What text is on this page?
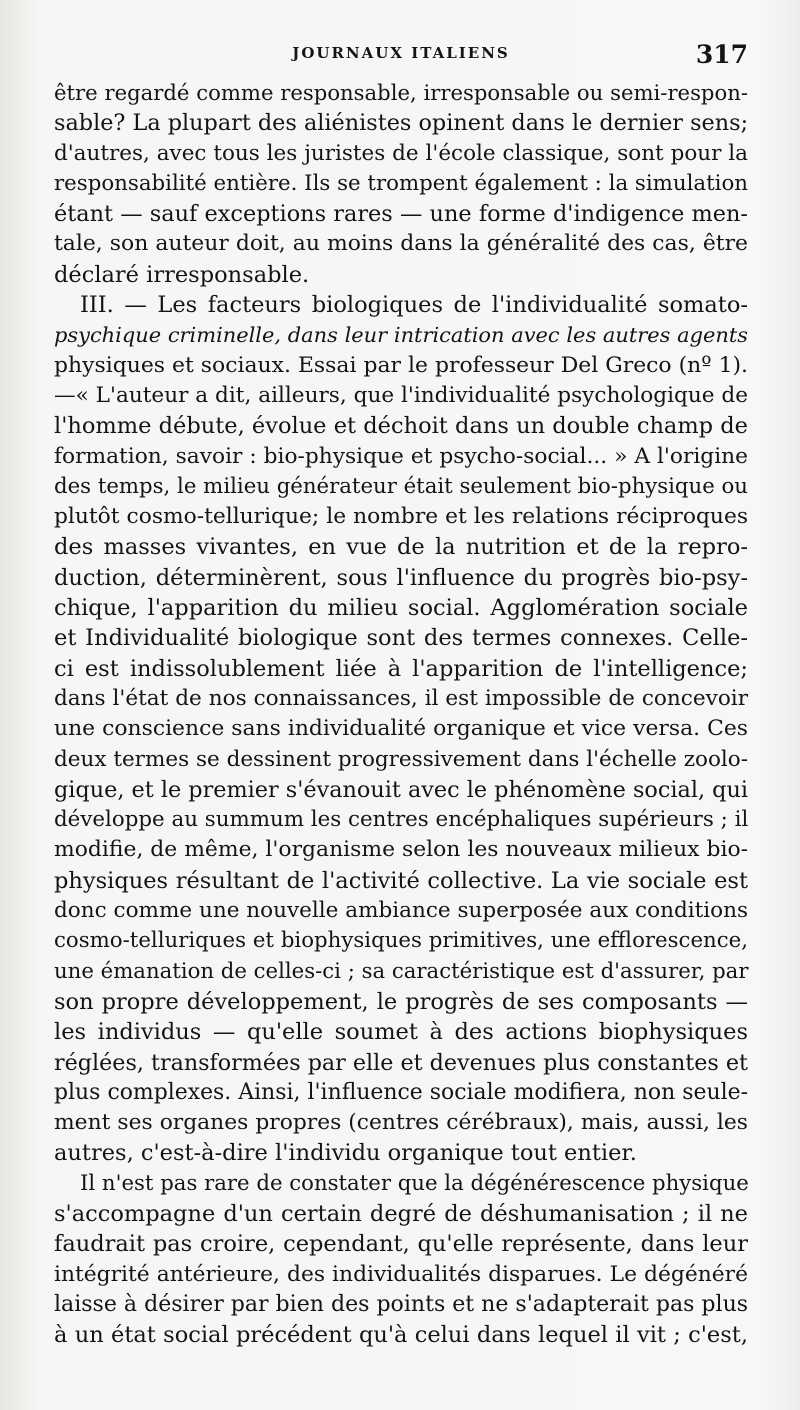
JOURNAUX ITALIENS	317

être regardé comme responsable, irresponsable ou semi-respon-
sable? La plupart des aliénistes opinent dans le dernier sens;
d'autres, avec tous les juristes de l'école classique, sont pour la
responsabilité entière. Ils se trompent également : la simulation
étant — sauf exceptions rares — une forme d'indigence men-
tale, son auteur doit, au moins dans la généralité des cas, être
déclaré irresponsable.

III. — Les facteurs biologiques de l'individualité somato-
psychique criminelle, dans leur intrication avec les autres agents
physiques et sociaux. Essai par le professeur Del Greco (nº 1).
—« L'auteur a dit, ailleurs, que l'individualité psychologique de
l'homme débute, évolue et déchoit dans un double champ de
formation, savoir : bio-physique et psycho-social... » A l'origine
des temps, le milieu générateur était seulement bio-physique ou
plutôt cosmo-tellurique; le nombre et les relations réciproques
des masses vivantes, en vue de la nutrition et de la repro-
duction, déterminèrent, sous l'influence du progrès bio-psy-
chique, l'apparition du milieu social. Agglomération sociale
et Individualité biologique sont des termes connexes. Celle-
ci est indissolublement liée à l'apparition de l'intelligence;
dans l'état de nos connaissances, il est impossible de concevoir
une conscience sans individualité organique et vice versa. Ces
deux termes se dessinent progressivement dans l'échelle zoolo-
gique, et le premier s'évanouit avec le phénomène social, qui
développe au summum les centres encéphaliques supérieurs ; il
modifie, de même, l'organisme selon les nouveaux milieux bio-
physiques résultant de l'activité collective. La vie sociale est
donc comme une nouvelle ambiance superposée aux conditions
cosmo-telluriques et biophysiques primitives, une efflorescence,
une émanation de celles-ci ; sa caractéristique est d'assurer, par
son propre développement, le progrès de ses composants —
les individus — qu'elle soumet à des actions biophysiques
réglées, transformées par elle et devenues plus constantes et
plus complexes. Ainsi, l'influence sociale modifiera, non seule-
ment ses organes propres (centres cérébraux), mais, aussi, les
autres, c'est-à-dire l'individu organique tout entier.

Il n'est pas rare de constater que la dégénérescence physique
s'accompagne d'un certain degré de déshumanisation ; il ne
faudrait pas croire, cependant, qu'elle représente, dans leur
intégrité antérieure, des individualités disparues. Le dégénéré
laisse à désirer par bien des points et ne s'adapterait pas plus
à un état social précédent qu'à celui dans lequel il vit ; c'est,
